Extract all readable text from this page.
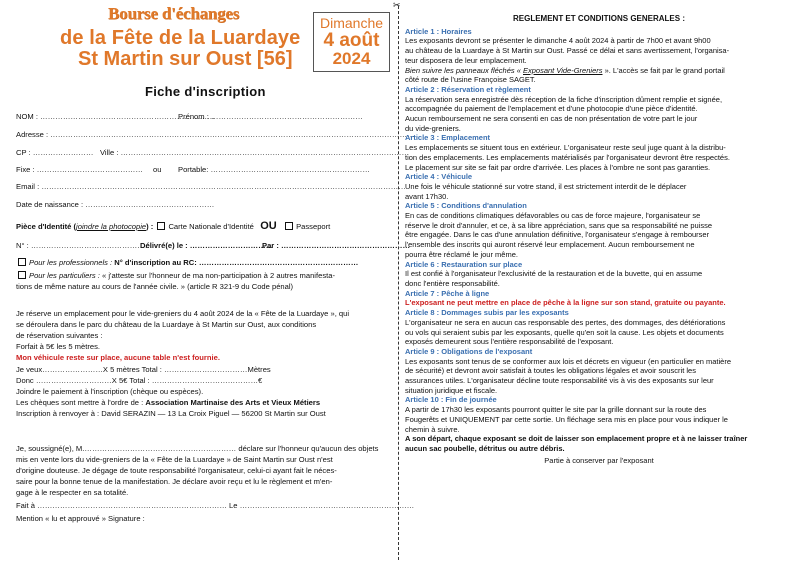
Bourse d'échanges
de la Fête de la Luardaye
St Martin sur Oust [56]
Dimanche
4 août
2024
Fiche d'inscription
NOM : ……………………………………………………………
Prénom : ……………………………………………………
Adresse : ………………………………………………………………………………………………………………………………
CP : …………………… Ville : ……………………………………………………………………………………………………
Fixe : …………………………………… ou Portable: ………………………………………………………
Email : ………………………………………………………………………………………………………………………………
Date de naissance : ……………………………………………
Pièce d'Identité (joindre la photocopie) : Carte Nationale d'Identité OU	Passeport
N° : …………………………………………
Délivré(e) le : ……………………………
Par : ……………………………………………
Pour les professionnels : N° d'inscription au RC: ………………………………………………………
Pour les particuliers : « j'atteste sur l'honneur de ma non-participation à 2 autres manifesta-
tions de même nature au cours de l'année civile. » (article R 321-9 du Code pénal)
Je réserve un emplacement pour le vide-greniers du 4 août 2024 de la « Fête de la Luardaye », qui
se déroulera dans le parc du château de la Luardaye à St Martin sur Oust, aux conditions
de réservation suivantes :
Forfait à 5€ les 5 mètres.
Mon véhicule reste sur place, aucune table n'est fournie.
Je veux……………………X 5 mètres Total : ……………………………Mètres
Donc …………………………X 5€ Total : ……………………………………€
Joindre le paiement à l'inscription (chèque ou espèces).
Les chèques sont mettre à l'ordre de : Association Martinaise des Arts et Vieux Métiers
Inscription à renvoyer à : David SERAZIN — 13 La Croix Piguel — 56200 St Martin sur Oust
Je, soussigné(e), M.…………………………………………………… déclare sur l'honneur qu'aucun des objets
mis en vente lors du vide-greniers de la « Fête de la Luardaye » de Saint Martin sur Oust n'est
d'origine douteuse. Je dégage de toute responsabilité l'organisateur, celui-ci ayant fait le néces-
saire pour la bonne tenue de la manifestation. Je déclare avoir reçu et lu le règlement et m'en-
gage à le respecter en sa totalité.
Fait à ………………………………………………………………… Le ……………………………………………………………
Mention « lu et approuvé » Signature :
✂
REGLEMENT ET CONDITIONS GENERALES :
Article 1 : Horaires

Les exposants devront se présenter le dimanche 4 août 2024 à partir de 7h00 et avant 9h00

au château de la Luardaye à St Martin sur Oust. Passé ce délai et sans avertissement, l'organisa-

teur disposera de leur emplacement.

Bien suivre les panneaux fléchés « Exposant Vide-Greniers ». L'accès se fait par le grand portail

côté route de l'usine Françoise SAGET.

Article 2 : Réservation et règlement

La réservation sera enregistrée dès réception de la fiche d'inscription dûment remplie et signée,

accompagnée du paiement de l'emplacement et d'une photocopie d'une pièce d'identité.

Aucun remboursement ne sera consenti en cas de non présentation de votre part le jour

du vide-greniers.

Article 3 : Emplacement

Les emplacements se situent tous en extérieur. L'organisateur reste seul juge quant à la distribu-

tion des emplacements. Les emplacements matérialisés par l'organisateur devront être respectés.

Le placement sur site se fait par ordre d'arrivée. Les places à l'ombre ne sont pas garanties.

Article 4 : Véhicule

Une fois le véhicule stationné sur votre stand, il est strictement interdit de le déplacer

avant 17h30.

Article 5 : Conditions d'annulation

En cas de conditions climatiques défavorables ou cas de force majeure, l'organisateur se

réserve le droit d'annuler, et ce, à sa libre appréciation, sans que sa responsabilité ne puisse

être engagée. Dans le cas d'une annulation définitive, l'organisateur s'engage à rembourser

l'ensemble des inscrits qui auront réservé leur emplacement. Aucun remboursement ne

pourra être réclamé le jour même.

Article 6 : Restauration sur place

Il est confié à l'organisateur l'exclusivité de la restauration et de la buvette, qui en assume

donc l'entière responsabilité.

Article 7 : Pêche à ligne

L'exposant ne peut mettre en place de pêche à la ligne sur son stand, gratuite ou payante.

Article 8 : Dommages subis par les exposants

L'organisateur ne sera en aucun cas responsable des pertes, des dommages, des détériorations

ou vols qui seraient subis par les exposants, quelle qu'en soit la cause. Les objets et documents

exposés demeurent sous l'entière responsabilité de l'exposant.

Article 9 : Obligations de l'exposant

Les exposants sont tenus de se conformer aux lois et décrets en vigueur (en particulier en matière

de sécurité) et devront avoir satisfait à toutes les obligations légales et avoir souscrit les

assurances utiles. L'organisateur décline toute responsabilité vis à vis des exposants sur leur

situation juridique et fiscale.

Article 10 : Fin de journée

A partir de 17h30 les exposants pourront quitter le site par la grille donnant sur la route des

Fougerêts et UNIQUEMENT par cette sortie. Un fléchage sera mis en place pour vous indiquer le

chemin à suivre.

A son départ, chaque exposant se doit de laisser son emplacement propre et à ne laisser traîner

aucun sac poubelle, détritus ou autre débris.

Partie à conserver par l'exposant
